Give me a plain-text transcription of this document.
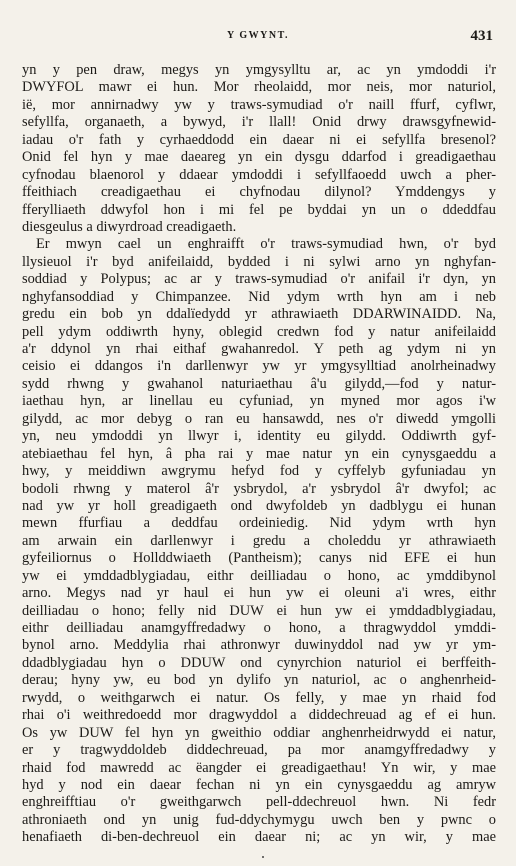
Y GWYNT.	431
yn y pen draw, megys yn ymgysylltu ar, ac yn ymdoddi i'r
DWYFOL mawr ei hun. Mor rheolaidd, mor neis, mor naturiol,
ië, mor annirnadwy yw y traws-symudiad o'r naill ffurf, cyflwr,
sefyllfa, organaeth, a bywyd, i'r llall! Onid drwy drawsgyfnewid-
iadau o'r fath y cyrhaeddodd ein daear ni ei sefyllfa bresenol?
Onid fel hyn y mae daeareg yn ein dysgu ddarfod i greadigaethau
cyfnodau blaenorol y ddaear ymdoddi i sefyllfaoedd uwch a pher-
ffeithiach creadigaethau ei chyfnodau dilynol? Ymddengys y
fferylliaeth ddwyfol hon i mi fel pe byddai yn un o ddeddfau
diesgeulus a diwyrdroad creadigaeth.
Er mwyn cael un enghraifft o'r traws-symudiad hwn, o'r byd
llysieuol i'r byd anifeilaidd, bydded i ni sylwi arno yn nghyfan-
soddiad y Polypus; ac ar y traws-symudiad o'r anifail i'r dyn, yn
nghyfansoddiad y Chimpanzee. Nid ydym wrth hyn am i neb
gredu ein bob yn ddalïedydd yr athrawiaeth DDARWINAIDD. Na,
pell ydym oddiwrth hyny, oblegid credwn fod y natur anifeilaidd
a'r ddynol yn rhai eithaf gwahanredol. Y peth ag ydym ni yn
ceisio ei ddangos i'n darllenwyr yw yr ymgysylltiad anolrheinadwy
sydd rhwng y gwahanol naturiaethau â'u gilydd,—fod y natur-
iaethau hyn, ar linellau eu cyfuniad, yn myned mor agos i'w
gilydd, ac mor debyg o ran eu hansawdd, nes o'r diwedd ymgolli
yn, neu ymdoddi yn llwyr i, identity eu gilydd. Oddiwrth gyf-
atebiaethau fel hyn, â pha rai y mae natur yn ein cynysgaeddu a
hwy, y meiddiwn awgrymu hefyd fod y cyffelyb gyfuniadau yn
bodoli rhwng y materol â'r ysbrydol, a'r ysbrydol â'r dwyfol; ac
nad yw yr holl greadigaeth ond dwyfoldeb yn dadblygu ei hunan
mewn ffurfiau a deddfau ordeiniedig. Nid ydym wrth hyn
am arwain ein darllenwyr i gredu a choleddu yr athrawiaeth
gyfeiliornus o Hollddwiaeth (Pantheism); canys nid EFE ei hun
yw ei ymddadblygiadau, eithr deilliadau o hono, ac ymddibynol
arno. Megys nad yr haul ei hun yw ei oleuni a'i wres, eithr
deilliadau o hono; felly nid DUW ei hun yw ei ymddadblygiadau,
eithr deilliadau anamgyffredadwy o hono, a thragwyddol ymddi-
bynol arno. Meddylia rhai athronwyr duwinyddol nad yw yr ym-
ddadblygiadau hyn o DDUW ond cynyrchion naturiol ei berffeith-
derau; hyny yw, eu bod yn dylifo yn naturiol, ac o anghenrheid-
rwydd, o weithgarwch ei natur. Os felly, y mae yn rhaid fod
rhai o'i weithredoedd mor dragwyddol a diddechreuad ag ef ei hun.
Os yw DUW fel hyn yn gweithio oddiar anghenrheidrwydd ei natur,
er y tragwyddoldeb diddechreuad, pa mor anamgyffredadwy y
rhaid fod mawredd ac ëangder ei greadigaethau! Yn wir, y mae
hyd y nod ein daear fechan ni yn ein cynysgaeddu ag amryw
enghreifftiau o'r gweithgarwch pell-ddechreuol hwn. Ni fedr
athroniaeth ond yn unig fud-ddychymygu uwch ben y pwnc o
henafiaeth di-ben-dechreuol ein daear ni; ac yn wir, y mae
